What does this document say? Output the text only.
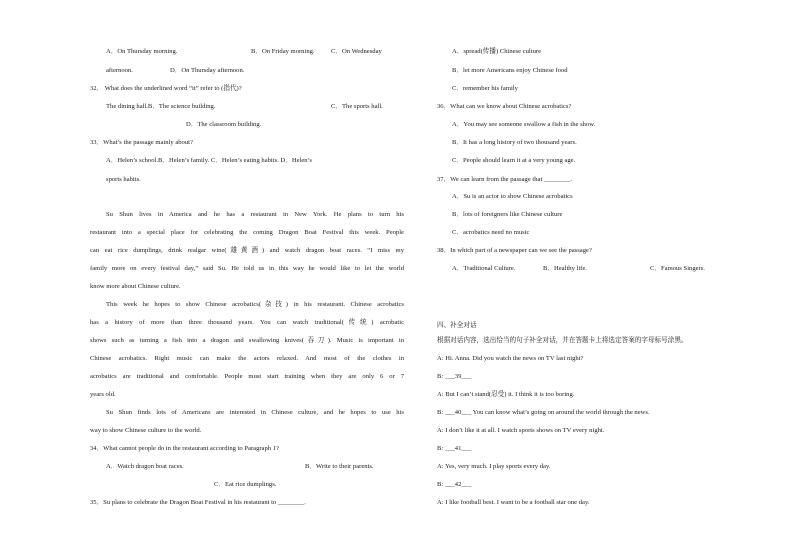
A．On Thursday morning.	B．On Friday morning. C．On Wednesday
afternoon.	D．On Thursday afternoon.
32． What does the underlined word “it” refer to (指代)?
The dining hall.B．The science building.	C．The sports hall.
D．The classroom building.
33．What’s the passage mainly about?
A．Helen’s school.B．Helen’s family. C．Helen’s eating habits. D．Helen’s
sports habits.
Su Shun lives in America and he has a restaurant in New York. He plans to turn his
restaurant into a special place for celebrating the coming Dragon Boat Festival this week. People
can eat rice dumplings, drink realgar wine(雄黄酒) and watch dragon boat races. “I miss my
family more on every festival day,” said Su. He told us in this way he would like to let the world
know more about Chinese culture.
This week he hopes to show Chinese acrobatics(杂技) in his restaurant. Chinese acrobatics
has a history of more than three thousand years. You can watch traditional(传统) acrobatic
shows such as turning a fish into a dragon and swallowing knives(吞刀). Music is important in
Chinese acrobatics. Right music can make the actors relaxed. And most of the clothes in
acrobatics are traditional and comfortable. People must start training when they are only 6 or 7
years old.
Su Shun finds lots of Americans are interested in Chinese culture, and he hopes to use his
way to show Chinese culture to the world.
34．What cannot people do in the restaurant according to Paragraph 1?
A．Watch dragon boat races.	B．Write to their parents.
C．Eat rice dumplings.
35．Su plans to celebrate the Dragon Boat Festival in his restaurant to ________.
A．spread(传播) Chinese culture
B．let more Americans enjoy Chinese food
C．remember his family
36．What can we know about Chinese acrobatics?
A．You may see someone swallow a fish in the show.
B．It has a long history of two thousand years.
C．People should learn it at a very young age.
37．We can learn from the passage that ________.
A．Su is an actor to show Chinese acrobatics
B．lots of foreigners like Chinese culture
C．acrobatics need no music
38．In which part of a newspaper can we see the passage?
A．Traditional Culture.	B．Healthy life.	C．Famous Singers.
四、补全对话
根据对话内容，选出恰当的句子补全对话，并在答题卡上将选定答案的字母标号涂黑。
A: Hi. Anna. Did you watch the news on TV last night?
B: ___39___
A: But I can’t stand(忍受) it. I think it is too boring.
B: ___40___ You can know what’s going on around the world through the news.
A: I don’t like it at all. I watch sports shows on TV every night.
B: ___41___
A: Yes, very much. I play sports every day.
B: ___42___
A: I like football best. I want to be a football star one day.
